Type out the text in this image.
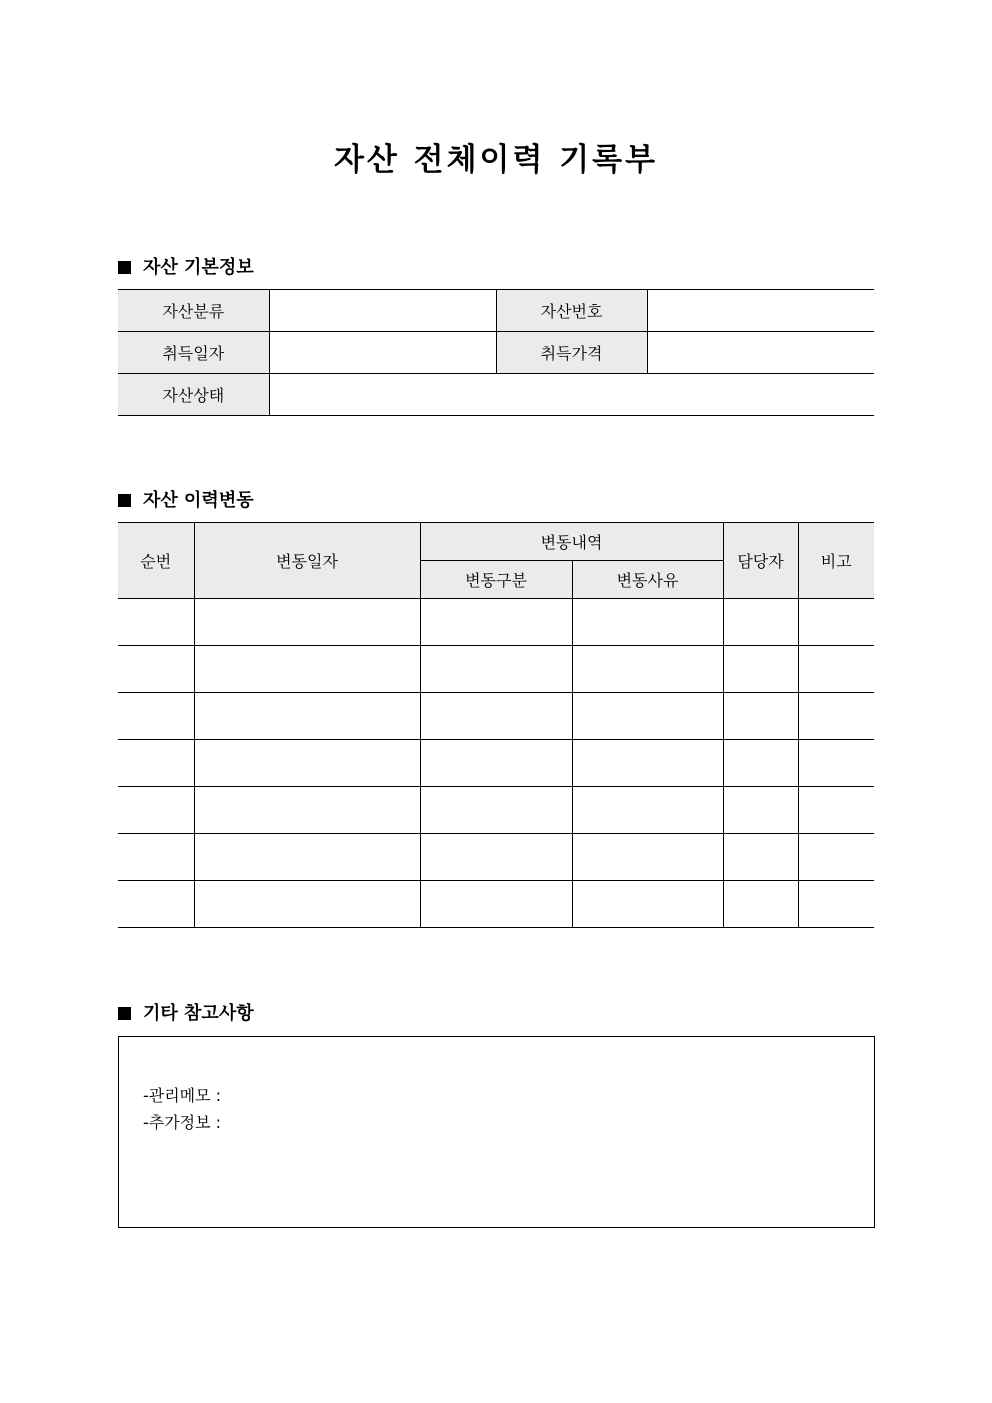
자산 전체이력 기록부
자산 기본정보
자산분류		자산번호	
취득일자		취득가격	
자산상태			
자산 이력변동
순번	변동일자	변동내역		담당자	비고
		변동구분	변동사유		

기타 참고사항
-관리메모 :
-추가정보 :
